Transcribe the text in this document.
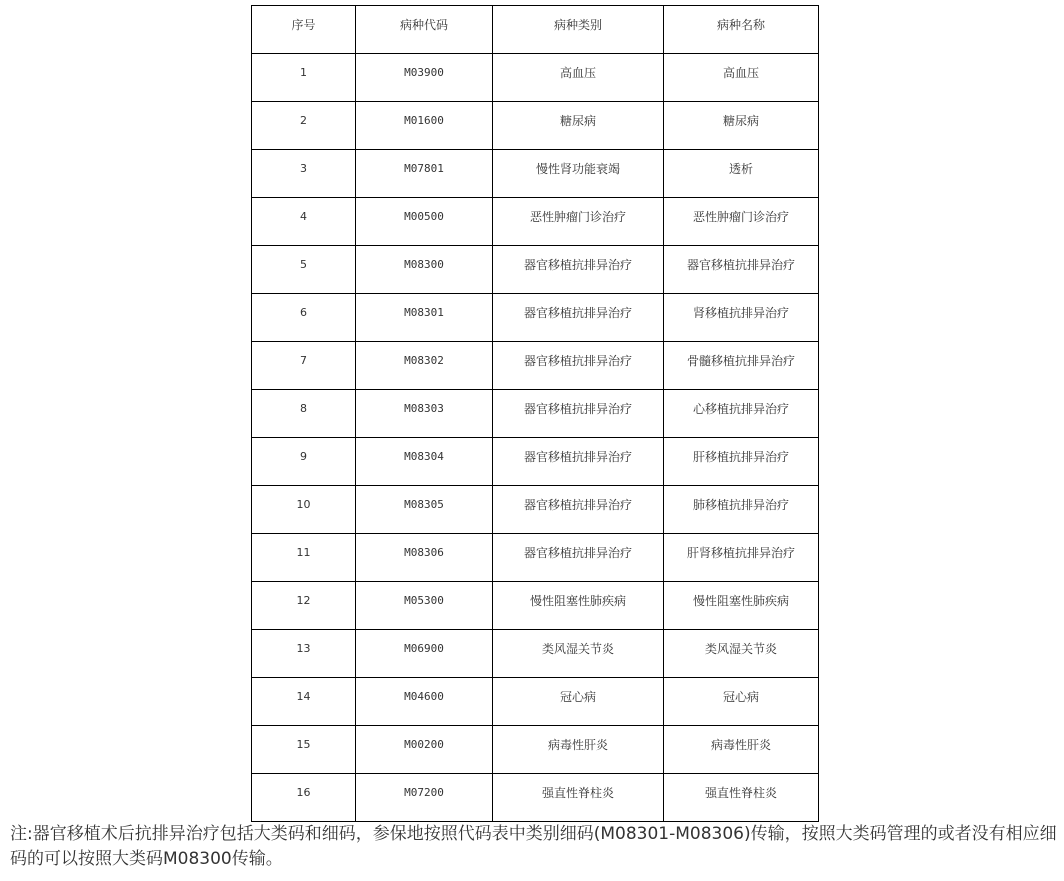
序号	病种代码	病种类别	病种名称

1	M03900	高血压	高血压

2	M01600	糖尿病	糖尿病

3	M07801	慢性肾功能衰竭	透析

4	M00500	恶性肿瘤门诊治疗	恶性肿瘤门诊治疗

5	M08300	器官移植抗排异治疗	器官移植抗排异治疗

6	M08301	器官移植抗排异治疗	肾移植抗排异治疗

7	M08302	器官移植抗排异治疗	骨髓移植抗排异治疗

8	M08303	器官移植抗排异治疗	心移植抗排异治疗

9	M08304	器官移植抗排异治疗	肝移植抗排异治疗

10	M08305	器官移植抗排异治疗	肺移植抗排异治疗

11	M08306	器官移植抗排异治疗	肝肾移植抗排异治疗

12	M05300	慢性阻塞性肺疾病	慢性阻塞性肺疾病

13	M06900	类风湿关节炎	类风湿关节炎

14	M04600	冠心病	冠心病

15	M00200	病毒性肝炎	病毒性肝炎

16	M07200	强直性脊柱炎	强直性脊柱炎

注:器官移植术后抗排异治疗包括大类码和细码，参保地按照代码表中类别细码(M08301-M08306)传输，按照大类码管理的或者没有相应细码的可以按照大类码M08300传输。
